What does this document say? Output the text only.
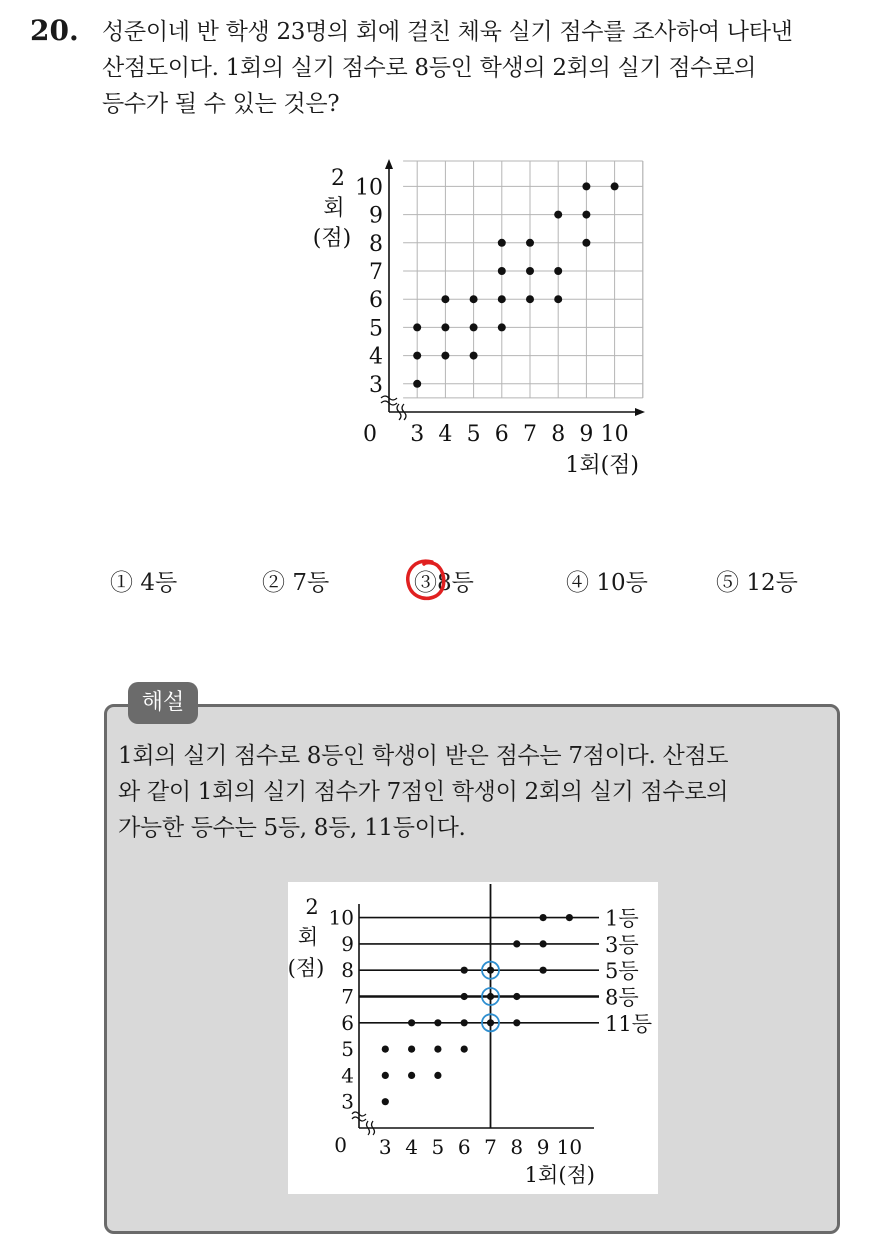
20. 성준이네 반 학생 23명의 회에 걸친 체육 실기 점수를 조사하여 나타낸
산점도이다. 1회의 실기 점수로 8등인 학생의 2회의 실기 점수로의
등수가 될 수 있는 것은?
3 4 5 6 7 8 9 10
3
4
5
6
7
8
9
10
0
1회(점)
2
회
(점)
① 4등	② 7등	③8등	④ 10등	⑤ 12등
해설
1회의 실기 점수로 8등인 학생이 받은 점수는 7점이다. 산점도
와 같이 1회의 실기 점수가 7점인 학생이 2회의 실기 점수로의
가능한 등수는 5등, 8등, 11등이다.
1등
3등
5등
8등
11등
3 4 5 6 7 8 9 10
3
4
5
6
7
8
9
10
0
1회(점)
2
회
(점)
